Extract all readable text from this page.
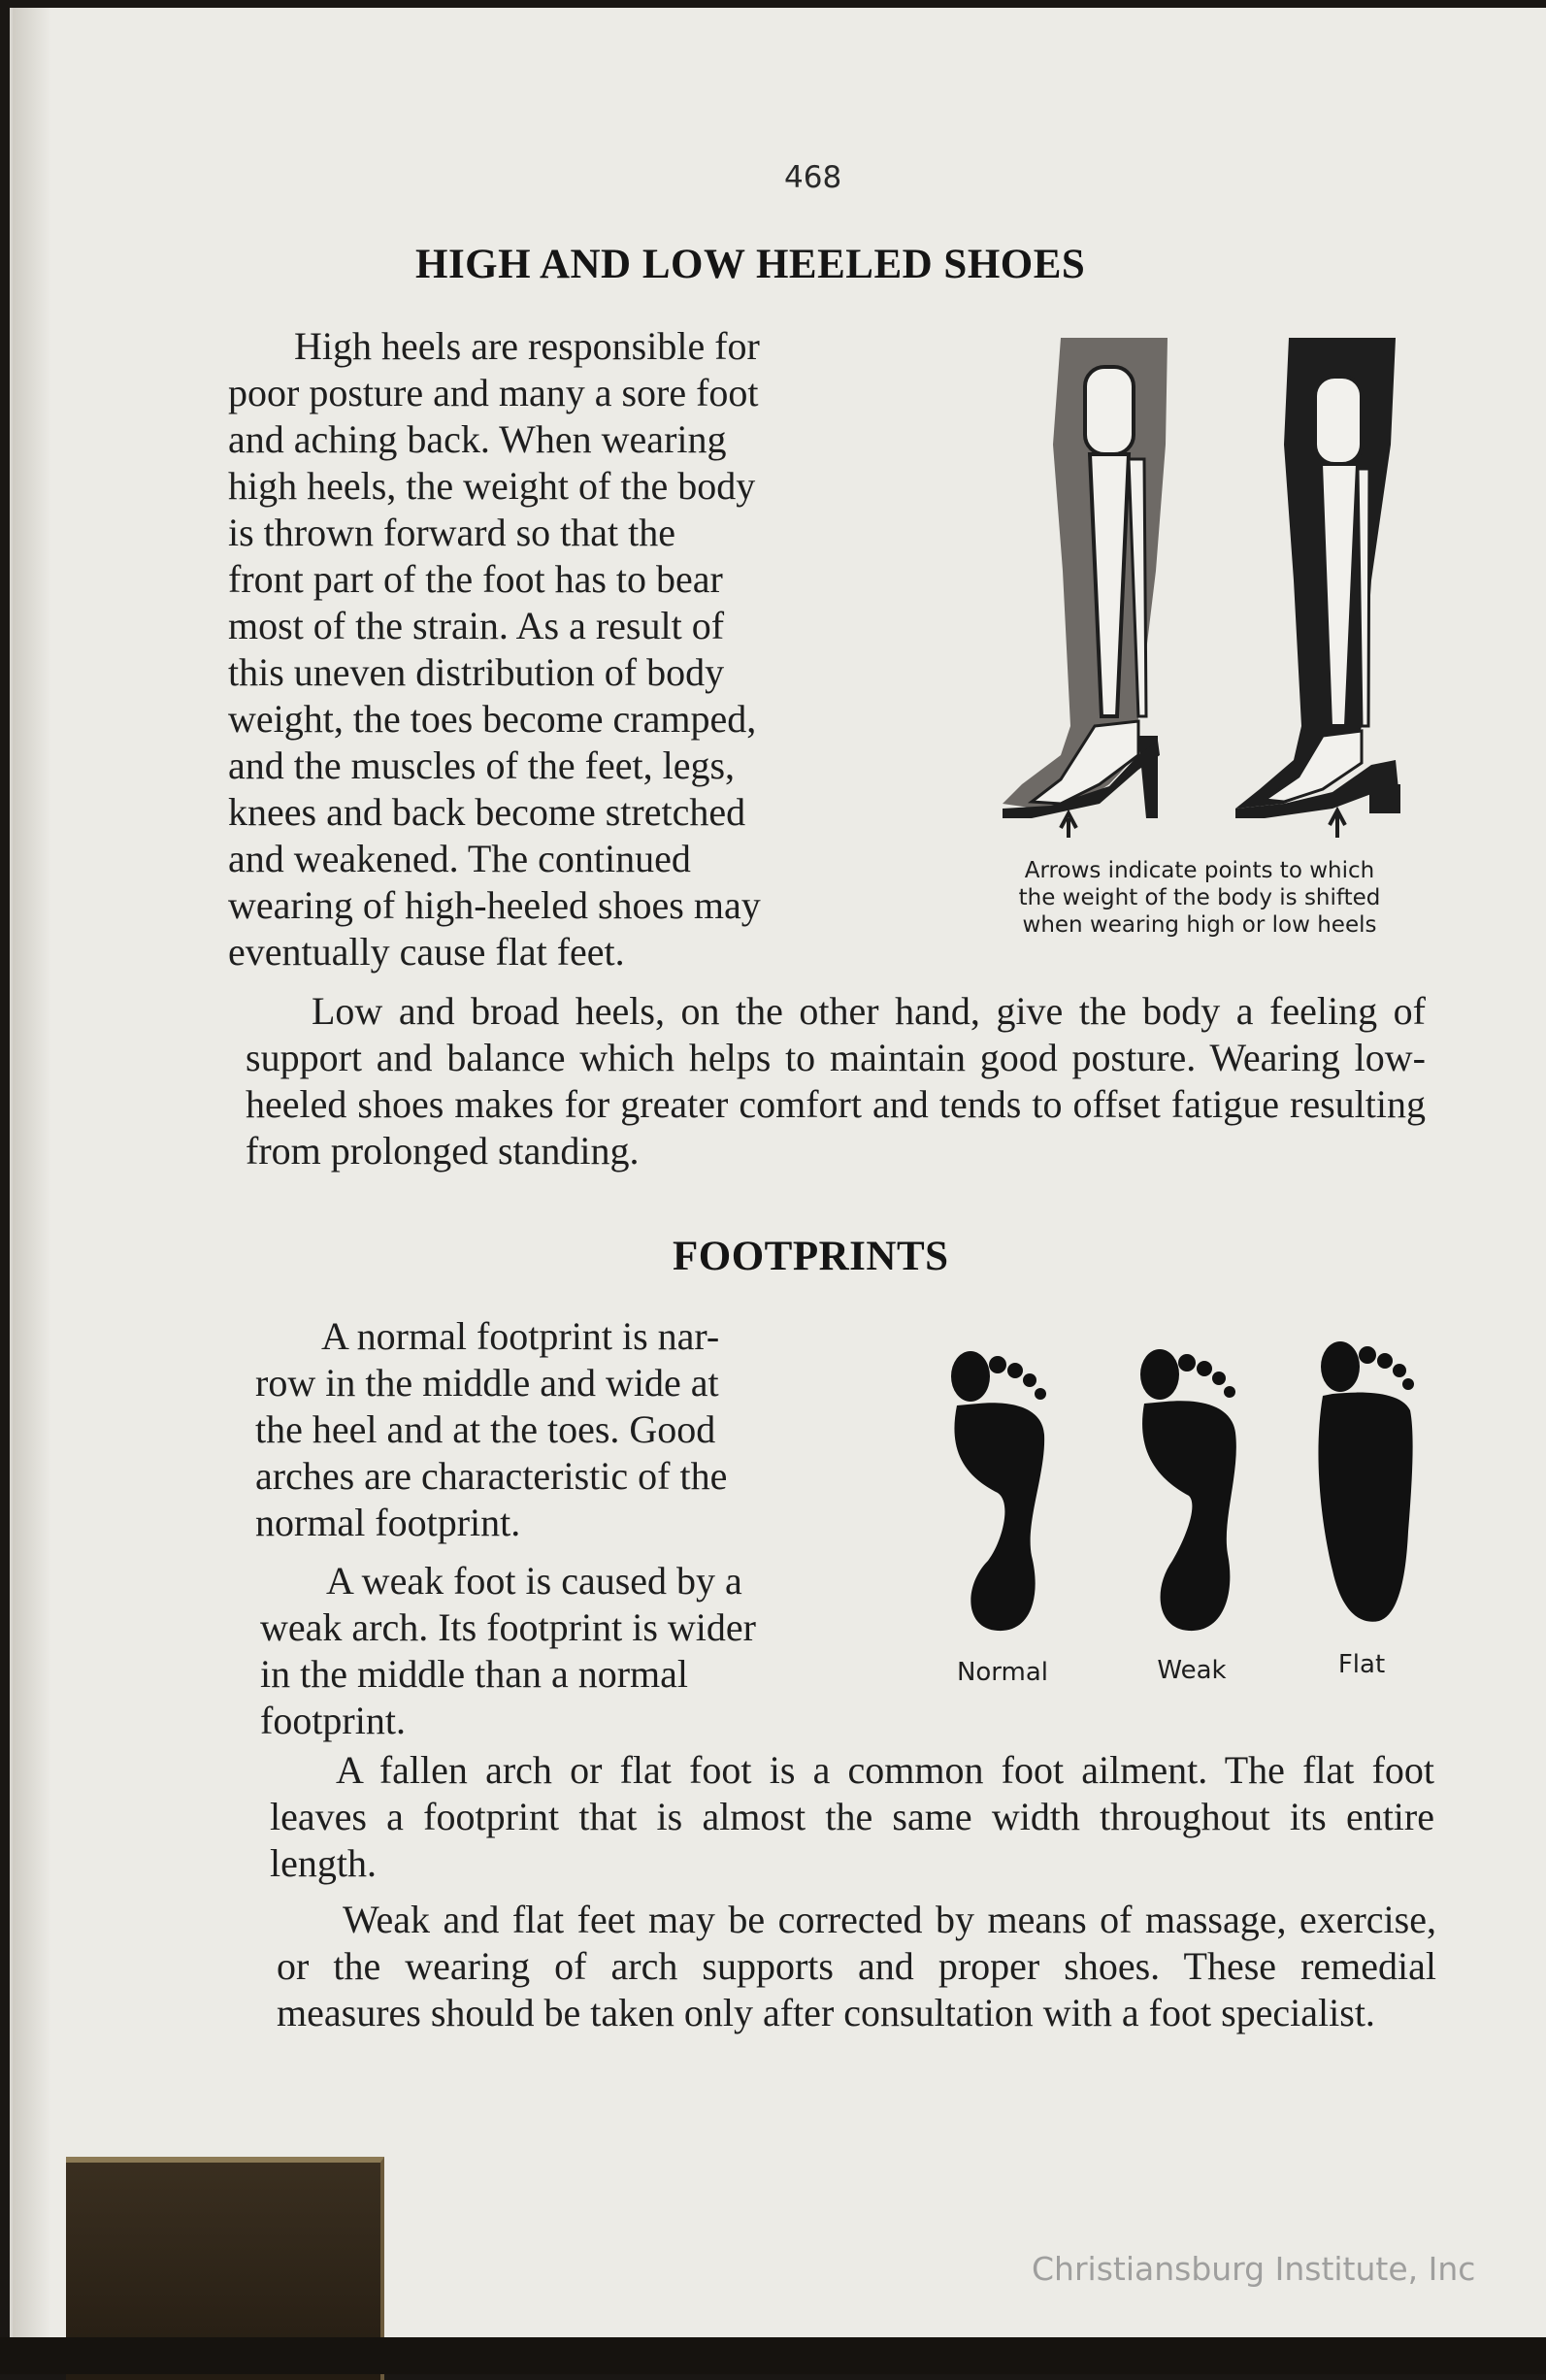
468

HIGH AND LOW HEELED SHOES
High heels are responsible for
poor posture and many a sore foot
and aching back. When wearing
high heels, the weight of the body
is thrown forward so that the
front part of the foot has to bear
most of the strain. As a result of
this uneven distribution of body
weight, the toes become cramped,
and the muscles of the feet, legs,
knees and back become stretched
and weakened. The continued
wearing of high-heeled shoes may
eventually cause flat feet.
Arrows indicate points to which
the weight of the body is shifted
when wearing high or low heels

Low and broad heels, on the other hand, give the body a feeling of support and balance which helps to maintain good posture. Wearing low-heeled shoes makes for greater comfort and tends to offset fatigue resulting from prolonged standing.

FOOTPRINTS
A normal footprint is nar-
row in the middle and wide at
the heel and at the toes. Good
arches are characteristic of the
normal footprint.
A weak foot is caused by a
weak arch. Its footprint is wider
in the middle than a normal
footprint.

Normal	Weak	Flat

A fallen arch or flat foot is a common foot ailment. The flat foot leaves a footprint that is almost the same width throughout its entire length.

Weak and flat feet may be corrected by means of massage, exercise, or the wearing of arch supports and proper shoes. These remedial measures should be taken only after consultation with a foot specialist.

Christiansburg Institute, Inc
